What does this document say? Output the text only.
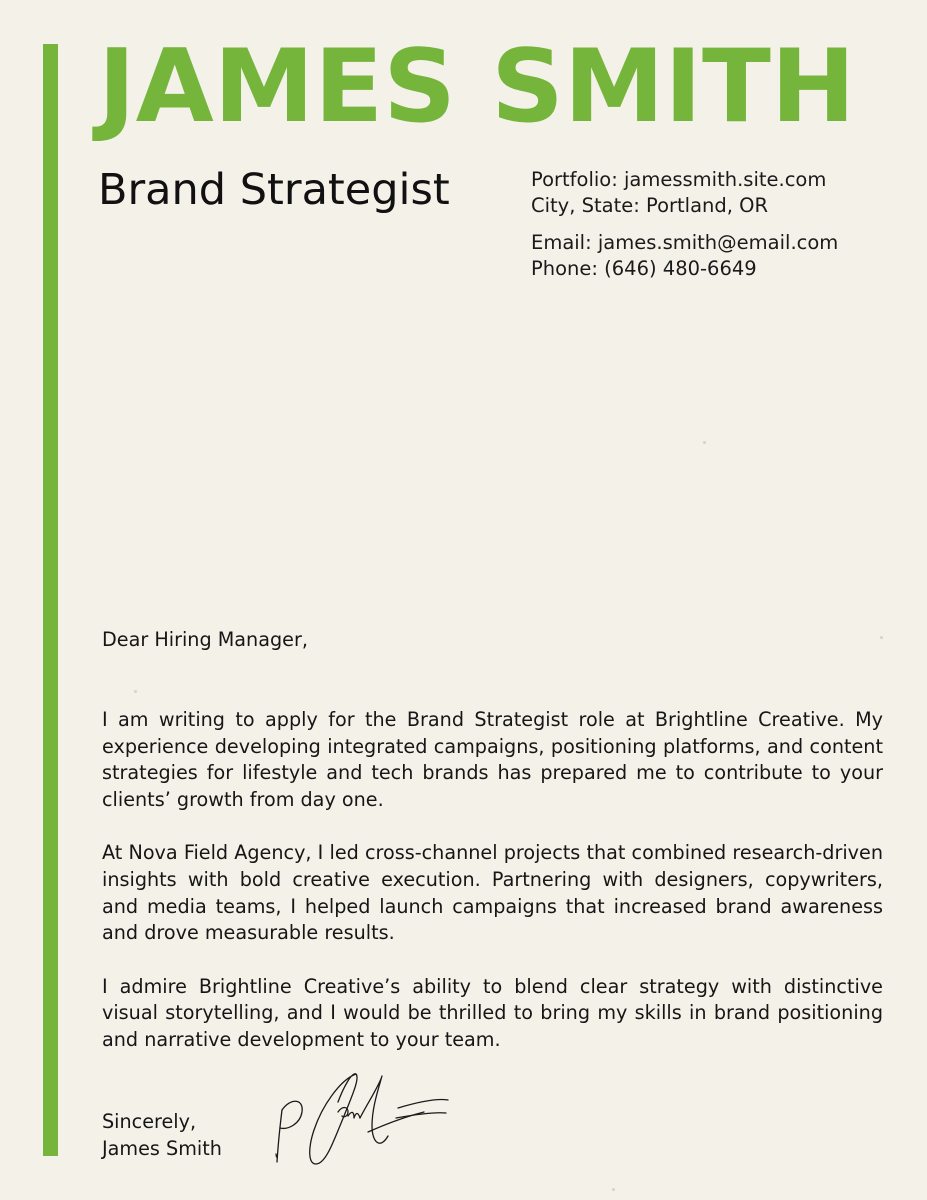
JAMES SMITH
Brand Strategist	Portfolio: jamessmith.site.com
City, State: Portland, OR
Email: james.smith@email.com
Phone: (646) 480-6649
Dear Hiring Manager,

I am writing to apply for the Brand Strategist role at Brightline Creative. My experience developing integrated campaigns, positioning platforms, and content strategies for lifestyle and tech brands has prepared me to contribute to your clients’ growth from day one.

At Nova Field Agency, I led cross-channel projects that combined research-driven insights with bold creative execution. Partnering with designers, copywriters, and media teams, I helped launch campaigns that increased brand awareness and drove measurable results.

I admire Brightline Creative’s ability to blend clear strategy with distinctive visual storytelling, and I would be thrilled to bring my skills in brand positioning and narrative development to your team.

Sincerely,
James Smith
